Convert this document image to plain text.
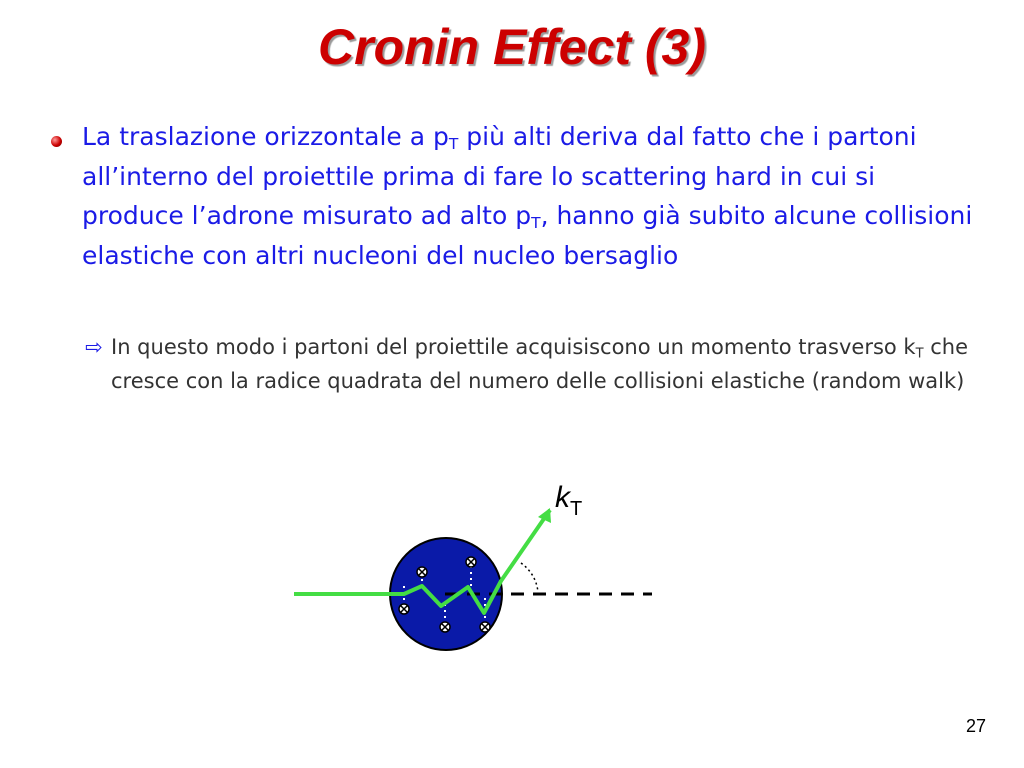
Cronin Effect (3)
La traslazione orizzontale a $p_T$ più alti deriva dal fatto che i partoni all’interno del proiettile prima di fare lo scattering hard in cui si produce l’adrone misurato ad alto $p_T$, hanno già subito alcune collisioni elastiche con altri nucleoni del nucleo bersaglio
⇨ In questo modo i partoni del proiettile acquisiscono un momento trasverso $k_T$ che cresce con la radice quadrata del numero delle collisioni elastiche (random walk)
$k_T$
27
